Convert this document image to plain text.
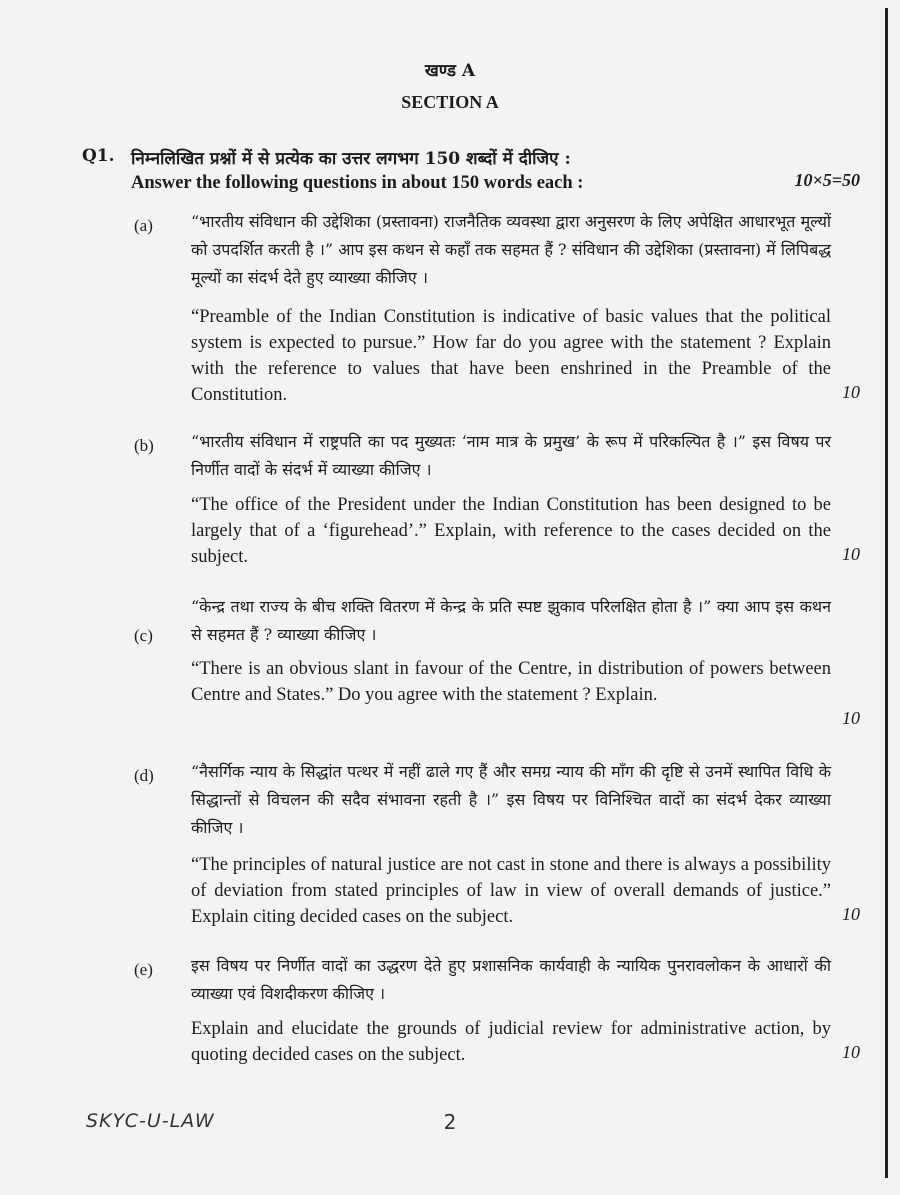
खण्ड A
SECTION A
Q1. निम्नलिखित प्रश्नों में से प्रत्येक का उत्तर लगभग 150 शब्दों में दीजिए :
Answer the following questions in about 150 words each :	10×5=50
(a) “भारतीय संविधान की उद्देशिका (प्रस्तावना) राजनैतिक व्यवस्था द्वारा अनुसरण के लिए अपेक्षित आधारभूत मूल्यों को उपदर्शित करती है ।” आप इस कथन से कहाँ तक सहमत हैं ? संविधान की उद्देशिका (प्रस्तावना) में लिपिबद्ध मूल्यों का संदर्भ देते हुए व्याख्या कीजिए ।
“Preamble of the Indian Constitution is indicative of basic values that the political system is expected to pursue.” How far do you agree with the statement ? Explain with the reference to values that have been enshrined in the Preamble of the Constitution.	10
(b) “भारतीय संविधान में राष्ट्रपति का पद मुख्यतः ‘नाम मात्र के प्रमुख’ के रूप में परिकल्पित है ।” इस विषय पर निर्णीत वादों के संदर्भ में व्याख्या कीजिए ।
“The office of the President under the Indian Constitution has been designed to be largely that of a ‘figurehead’.” Explain, with reference to the cases decided on the subject.	10
(c)
“केन्द्र तथा राज्य के बीच शक्ति वितरण में केन्द्र के प्रति स्पष्ट झुकाव परिलक्षित होता है ।” क्या आप इस कथन से सहमत हैं ? व्याख्या कीजिए ।
“There is an obvious slant in favour of the Centre, in distribution of powers between Centre and States.” Do you agree with the statement ? Explain.
10
(d) “नैसर्गिक न्याय के सिद्धांत पत्थर में नहीं ढाले गए हैं और समग्र न्याय की माँग की दृष्टि से उनमें स्थापित विधि के सिद्धान्तों से विचलन की सदैव संभावना रहती है ।” इस विषय पर विनिश्चित वादों का संदर्भ देकर व्याख्या कीजिए ।
“The principles of natural justice are not cast in stone and there is always a possibility of deviation from stated principles of law in view of overall demands of justice.” Explain citing decided cases on the subject.	10
(e) इस विषय पर निर्णीत वादों का उद्धरण देते हुए प्रशासनिक कार्यवाही के न्यायिक पुनरावलोकन के आधारों की व्याख्या एवं विशदीकरण कीजिए ।
Explain and elucidate the grounds of judicial review for administrative action, by quoting decided cases on the subject.	10
SKYC-U-LAW	2
